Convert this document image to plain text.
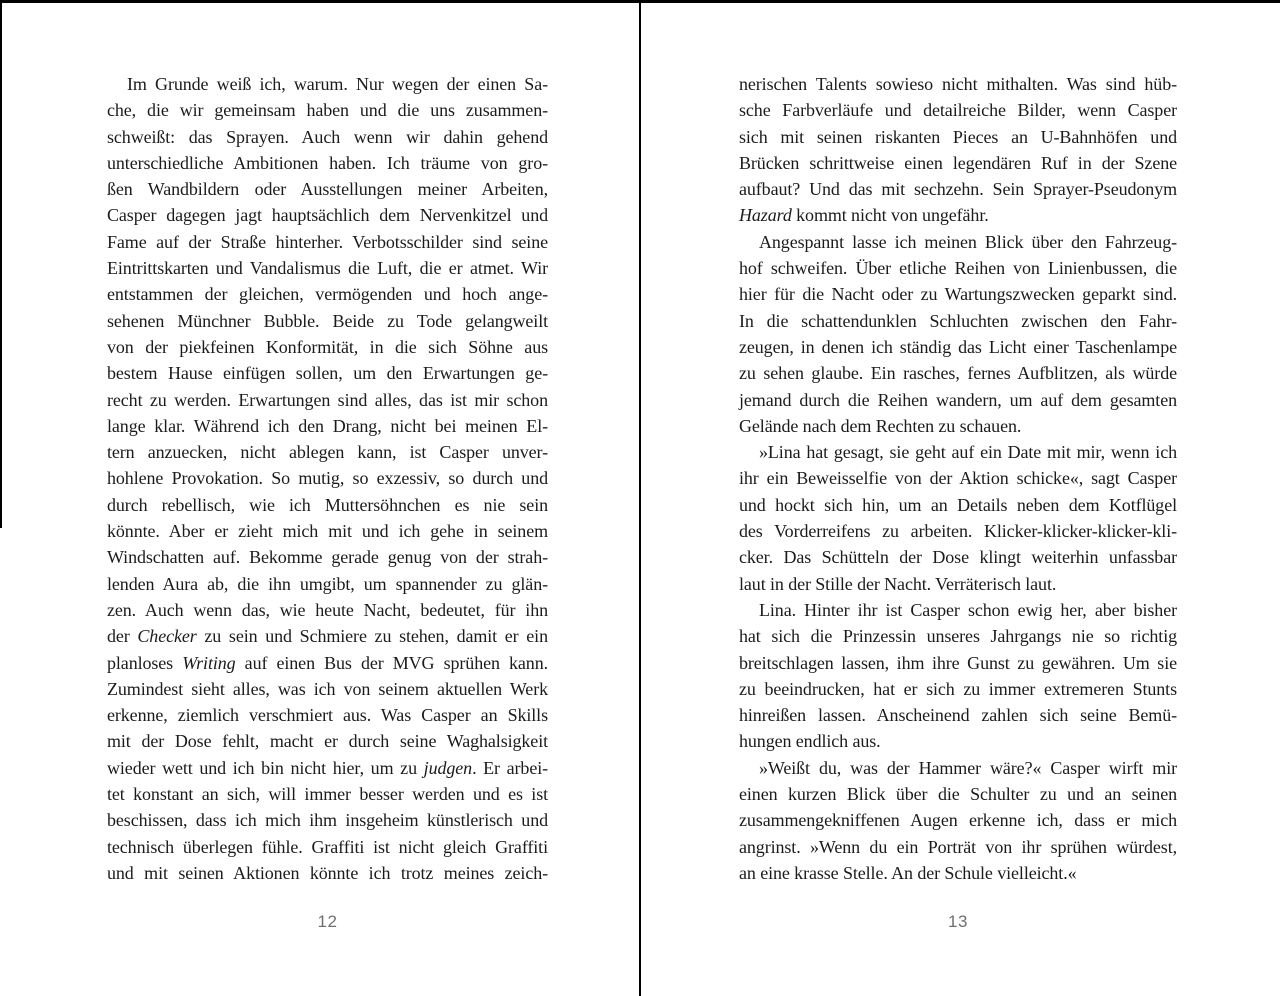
Im Grunde weiß ich, warum. Nur wegen der einen Sa-
che, die wir gemeinsam haben und die uns zusammen-
schweißt: das Sprayen. Auch wenn wir dahin gehend
unterschiedliche Ambitionen haben. Ich träume von gro-
ßen Wandbildern oder Ausstellungen meiner Arbeiten,
Casper dagegen jagt hauptsächlich dem Nervenkitzel und
Fame auf der Straße hinterher. Verbotsschilder sind seine
Eintrittskarten und Vandalismus die Luft, die er atmet. Wir
entstammen der gleichen, vermögenden und hoch ange-
sehenen Münchner Bubble. Beide zu Tode gelangweilt
von der piekfeinen Konformität, in die sich Söhne aus
bestem Hause einfügen sollen, um den Erwartungen ge-
recht zu werden. Erwartungen sind alles, das ist mir schon
lange klar. Während ich den Drang, nicht bei meinen El-
tern anzuecken, nicht ablegen kann, ist Casper unver-
hohlene Provokation. So mutig, so exzessiv, so durch und
durch rebellisch, wie ich Muttersöhnchen es nie sein
könnte. Aber er zieht mich mit und ich gehe in seinem
Windschatten auf. Bekomme gerade genug von der strah-
lenden Aura ab, die ihn umgibt, um spannender zu glän-
zen. Auch wenn das, wie heute Nacht, bedeutet, für ihn
der Checker zu sein und Schmiere zu stehen, damit er ein
planloses Writing auf einen Bus der MVG sprühen kann.
Zumindest sieht alles, was ich von seinem aktuellen Werk
erkenne, ziemlich verschmiert aus. Was Casper an Skills
mit der Dose fehlt, macht er durch seine Waghalsigkeit
wieder wett und ich bin nicht hier, um zu judgen. Er arbei-
tet konstant an sich, will immer besser werden und es ist
beschissen, dass ich mich ihm insgeheim künstlerisch und
technisch überlegen fühle. Graffiti ist nicht gleich Graffiti
und mit seinen Aktionen könnte ich trotz meines zeich-
12
nerischen Talents sowieso nicht mithalten. Was sind hüb-
sche Farbverläufe und detailreiche Bilder, wenn Casper
sich mit seinen riskanten Pieces an U-Bahnhöfen und
Brücken schrittweise einen legendären Ruf in der Szene
aufbaut? Und das mit sechzehn. Sein Sprayer-Pseudonym
Hazard kommt nicht von ungefähr.
Angespannt lasse ich meinen Blick über den Fahrzeug-
hof schweifen. Über etliche Reihen von Linienbussen, die
hier für die Nacht oder zu Wartungszwecken geparkt sind.
In die schattendunklen Schluchten zwischen den Fahr-
zeugen, in denen ich ständig das Licht einer Taschenlampe
zu sehen glaube. Ein rasches, fernes Aufblitzen, als würde
jemand durch die Reihen wandern, um auf dem gesamten
Gelände nach dem Rechten zu schauen.
»Lina hat gesagt, sie geht auf ein Date mit mir, wenn ich
ihr ein Beweisselfie von der Aktion schicke«, sagt Casper
und hockt sich hin, um an Details neben dem Kotflügel
des Vorderreifens zu arbeiten. Klicker-klicker-klicker-kli-
cker. Das Schütteln der Dose klingt weiterhin unfassbar
laut in der Stille der Nacht. Verräterisch laut.
Lina. Hinter ihr ist Casper schon ewig her, aber bisher
hat sich die Prinzessin unseres Jahrgangs nie so richtig
breitschlagen lassen, ihm ihre Gunst zu gewähren. Um sie
zu beeindrucken, hat er sich zu immer extremeren Stunts
hinreißen lassen. Anscheinend zahlen sich seine Bemü-
hungen endlich aus.
»Weißt du, was der Hammer wäre?« Casper wirft mir
einen kurzen Blick über die Schulter zu und an seinen
zusammengekniffenen Augen erkenne ich, dass er mich
angrinst. »Wenn du ein Porträt von ihr sprühen würdest,
an eine krasse Stelle. An der Schule vielleicht.«
13
